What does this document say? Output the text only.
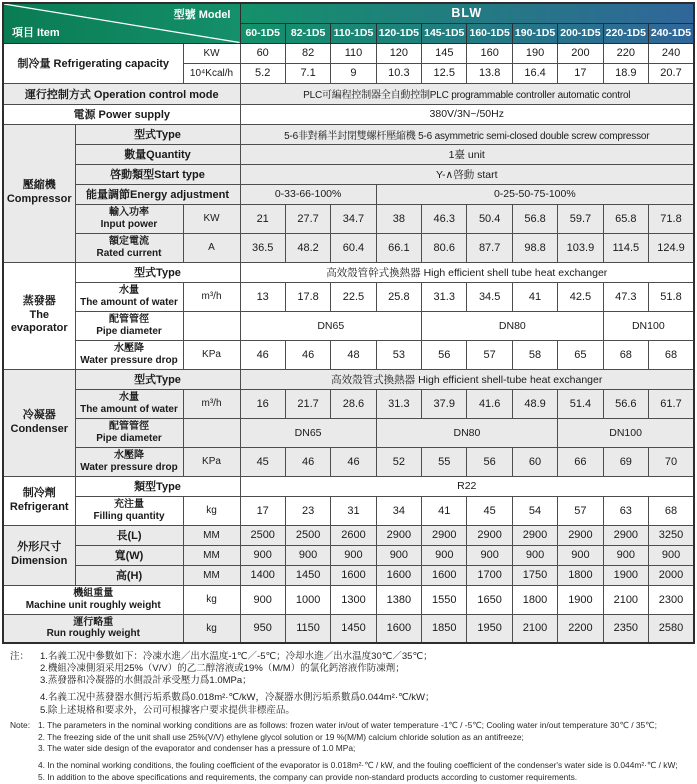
型號 Model
項目 Item			BLW									
			60-1D5	82-1D5	110-1D5	120-1D5	145-1D5	160-1D5	190-1D5	200-1D5	220-1D5	240-1D5
制冷量 Refrigerating capacity		KW	60	82	110	120	145	160	190	200	220	240
		10⁴Kcal/h	5.2	7.1	9	10.3	12.5	13.8	16.4	17	18.9	20.7
運行控制方式 Operation control mode			PLC可編程控制器全自動控制PLC programmable controller automatic control									
電源 Power supply			380V/3N~/50Hz									

壓縮機
Compressor	型式Type		5-6非對稱半封閉雙螺杆壓縮機 5-6 asymmetric semi-closed double screw compressor									
	數量Quantity		1臺 unit									
	啓動類型Start type		Y-∧啓動 start									
	能量調節Energy adjustment		0-33-66-100%			0-25-50-75-100%						

	輸入功率
Input power	KW	21	27.7	34.7	38	46.3	50.4	56.8	59.7	65.8	71.8

	額定電流
Rated current	A	36.5	48.2	60.4	66.1	80.6	87.7	98.8	103.9	114.5	124.9

蒸發器
The evaporator	型式Type		高效殼管幹式換熱器 High efficient shell tube heat exchanger									

	水量
The amount of water	m³/h	13	17.8	22.5	25.8	31.3	34.5	41	42.5	47.3	51.8

	配管管徑
Pipe diameter		DN65				DN80				DN100	

	水壓降
Water pressure drop	KPa	46	46	48	53	56	57	58	65	68	68

冷凝器
Condenser	型式Type		高效殼管式換熱器 High efficient shell-tube heat exchanger									

	水量
The amount of water	m³/h	16	21.7	28.6	31.3	37.9	41.6	48.9	51.4	56.6	61.7

	配管管徑
Pipe diameter		DN65			DN80				DN100		

	水壓降
Water pressure drop	KPa	45	46	46	52	55	56	60	66	69	70

制冷劑
Refrigerant	類型Type		R22									

	充注量
Filling quantity	kg	17	23	31	34	41	45	54	57	63	68

外形尺寸
Dimension	長(L)	MM	2500	2500	2600	2900	2900	2900	2900	2900	2900	3250
	寬(W)	MM	900	900	900	900	900	900	900	900	900	900
	高(H)	MM	1400	1450	1600	1600	1600	1700	1750	1800	1900	2000

機組重量
Machine unit roughly weight		kg	900	1000	1300	1380	1550	1650	1800	1900	2100	2300

運行略重
Run roughly weight		kg	950	1150	1450	1600	1850	1950	2100	2200	2350	2580
注：	1.名義工况中參數如下：冷凍水進／出水温度-1℃／-5℃；冷却水進／出水温度30℃／35℃；
2.機組冷凍側須采用25%（V/V）的乙二醇溶液或19%（M/M）的氯化鈣溶液作防凍劑；
3.蒸發器和冷凝器的水側設計承受壓力爲1.0MPa；
4.名義工况中蒸發器水側污垢系數爲0.018m²·℃/kW，冷凝器水側污垢系數爲0.044m²·℃/kW；
5.除上述規格和要求外，公司可根據客户要求提供非標産品。
Note: 1. The parameters in the nominal working conditions are as follows: frozen water in/out of water temperature -1℃ / -5℃; Cooling water in/out temperature 30℃ / 35℃;
2. The freezing side of the unit shall use 25%(V/V) ethylene glycol solution or 19 %(M/M) calcium chloride solution as an antifreeze;
3. The water side design of the evaporator and condenser has a pressure of 1.0 MPa;
4. In the nominal working conditions, the fouling coefficient of the evaporator is 0.018m²·℃ / kW, and the fouling coefficient of the condenser's water side is 0.044m²·℃ / kW;
5. In addition to the above specifications and requirements, the company can provide non-standard products according to customer requirements.
